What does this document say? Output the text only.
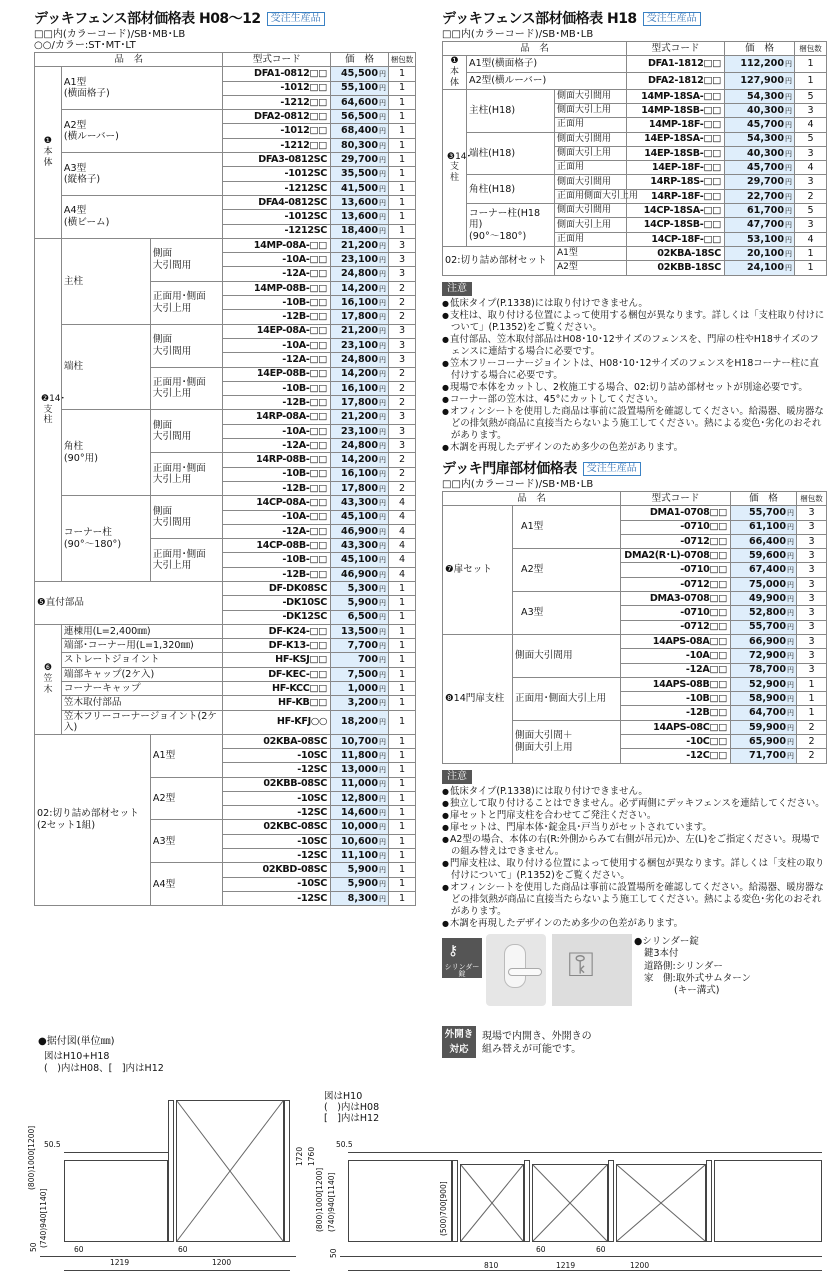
デッキフェンス部材価格表 H08～12	受注生産品
□□内(カラーコード)/SB･MB･LB
○○/カラー:ST･MT･LT
品　名			型式コード	価　格	梱包数

❶本体	A1型
(横面格子)		DFA1-0812□□	45,500円	1
			-1012□□	55,100円	1
			-1212□□	64,600円	1
	A2型
(横ルーバー)		DFA2-0812□□	56,500円	1
			-1012□□	68,400円	1
			-1212□□	80,300円	1
	A3型
(縦格子)		DFA3-0812SC	29,700円	1
			-1012SC	35,500円	1
			-1212SC	41,500円	1
	A4型
(横ビーム)		DFA4-0812SC	13,600円	1
			-1012SC	13,600円	1
			-1212SC	18,400円	1
❷14･支柱	主柱	側面
大引間用	14MP-08A-□□	21,200円	3
			-10A-□□	23,100円	3
			-12A-□□	24,800円	3
		正面用･側面
大引上用	14MP-08B-□□	14,200円	2
			-10B-□□	16,100円	2
			-12B-□□	17,800円	2
	端柱	側面
大引間用	14EP-08A-□□	21,200円	3
			-10A-□□	23,100円	3
			-12A-□□	24,800円	3
		正面用･側面
大引上用	14EP-08B-□□	14,200円	2
			-10B-□□	16,100円	2
			-12B-□□	17,800円	2
	角柱
(90°用)	側面
大引間用	14RP-08A-□□	21,200円	3
			-10A-□□	23,100円	3
			-12A-□□	24,800円	3
		正面用･側面
大引上用	14RP-08B-□□	14,200円	2
			-10B-□□	16,100円	2
			-12B-□□	17,800円	2
	コーナー柱
(90°～180°)	側面
大引間用	14CP-08A-□□	43,300円	4
			-10A-□□	45,100円	4
			-12A-□□	46,900円	4
		正面用･側面
大引上用	14CP-08B-□□	43,300円	4
			-10B-□□	45,100円	4
			-12B-□□	46,900円	4
❺直付部品			DF-DK08SC	5,300円	1
			-DK10SC	5,900円	1
			-DK12SC	6,500円	1
❻笠木	連棟用(L=2,400㎜)		DF-K24-□□	13,500円	1
	端部･コーナー用(L=1,320㎜)		DF-K13-□□	7,700円	1
	ストレートジョイント		HF-KSJ□□	700円	1
	端部キャップ(2ケ入)		DF-KEC-□□	7,500円	1
	コーナーキャップ		HF-KCC□□	1,000円	1
	笠木取付部品		HF-KB□□	3,200円	1
	笠木フリーコーナージョイント(2ケ入)		HF-KFJ○○	18,200円	1
02:切り詰め部材セット
(2セット1組)		A1型	02KBA-08SC	10,700円	1
			-10SC	11,800円	1
			-12SC	13,000円	1
		A2型	02KBB-08SC	11,000円	1
			-10SC	12,800円	1
			-12SC	14,600円	1
		A3型	02KBC-08SC	10,000円	1
			-10SC	10,600円	1
			-12SC	11,100円	1
		A4型	02KBD-08SC	5,900円	1
			-10SC	5,900円	1
			-12SC	8,300円	1
デッキフェンス部材価格表 H18	受注生産品
□□内(カラーコード)/SB･MB･LB
品　名			型式コード	価　格	梱包数
❶本体	A1型(横面格子)		DFA1-1812□□	112,200円	1
	A2型(横ルーバー)		DFA2-1812□□	127,900円	1
❸14･支柱	主柱(H18)	側面大引間用	14MP-18SA-□□	54,300円	5
		側面大引上用	14MP-18SB-□□	40,300円	3
		正面用	14MP-18F-□□	45,700円	4
	端柱(H18)	側面大引間用	14EP-18SA-□□	54,300円	5
		側面大引上用	14EP-18SB-□□	40,300円	3
		正面用	14EP-18F-□□	45,700円	4
	角柱(H18)	側面大引間用	14RP-18S-□□	29,700円	3
		正面用側面大引上用	14RP-18F-□□	22,700円	2
	コーナー柱(H18用)
(90°～180°)	側面大引間用	14CP-18SA-□□	61,700円	5
		側面大引上用	14CP-18SB-□□	47,700円	3
		正面用	14CP-18F-□□	53,100円	4
02:切り詰め部材セット		A1型	02KBA-18SC	20,100円	1
		A2型	02KBB-18SC	24,100円	1
注意
● 低床タイプ(P.1338)には取り付けできません。
● 支柱は、取り付ける位置によって使用する梱包が異なります。詳しくは「支柱取り付けについて」(P.1352)をご覧ください。
● 直付部品、笠木取付部品はH08･10･12サイズのフェンスを、門扉の柱やH18サイズのフェンスに連結する場合に必要です。
● 笠木フリーコーナージョイントは、H08･10･12サイズのフェンスをH18コーナー柱に直付けする場合に必要です。
● 現場で本体をカットし、2枚施工する場合、02:切り詰め部材セットが別途必要です。
● コーナー部の笠木は、45°にカットしてください。
● オフィンシートを使用した商品は事前に設置場所を確認してください。給湯器、暖房器などの排気熱が商品に直接当たらないよう施工してください。熱による変色･劣化のおそれがあります。
● 木調を再現したデザインのため多少の色差があります。
デッキ門扉部材価格表	受注生産品
□□内(カラーコード)/SB･MB･LB
品　名		型式コード	価　格	梱包数
❼扉セット	A1型	DMA1-0708□□	55,700円	3
		-0710□□	61,100円	3
		-0712□□	66,400円	3
	A2型	DMA2(R･L)-0708□□	59,600円	3
		-0710□□	67,400円	3
		-0712□□	75,000円	3
	A3型	DMA3-0708□□	49,900円	3
		-0710□□	52,800円	3
		-0712□□	55,700円	3
❽14門扉支柱	側面大引間用	14APS-08A□□	66,900円	3
		-10A□□	72,900円	3
		-12A□□	78,700円	3
	正面用･側面大引上用	14APS-08B□□	52,900円	1
		-10B□□	58,900円	1
		-12B□□	64,700円	1
	側面大引間＋
側面大引上用	14APS-08C□□	59,900円	2
		-10C□□	65,900円	2
		-12C□□	71,700円	2
注意
● 低床タイプ(P.1338)には取り付けできません。
● 独立して取り付けることはできません。必ず両側にデッキフェンスを連結してください。
● 扉セットと門扉支柱を合わせてご発注ください。
● 扉セットは、門扉本体･錠金具･戸当りがセットされています。
● A2型の場合、本体の右(R:外側からみて右側が吊元)か、左(L)をご指定ください。現場での組み替えはできません。
● 門扉支柱は、取り付ける位置によって使用する梱包が異なります。詳しくは「支柱の取り付けについて」(P.1352)をご覧ください。
● オフィンシートを使用した商品は事前に設置場所を確認してください。給湯器、暖房器などの排気熱が商品に直接当たらないよう施工してください。熱による変色･劣化のおそれがあります。
● 木調を再現したデザインのため多少の色差があります。
⚷
シリンダー錠	⚿
●シリンダー錠
鍵3本付
道路側:シリンダー
家　側:取外式サムターン
(キー溝式)
外開き
対応
現場で内開き、外開きの
組み替えが可能です。
●据付図(単位㎜)
図はH10+H18
(　)内はH08、[　]内はH12
図はH10
(　)内はH08
[　]内はH12
50.5
(800)1000[1200]
(740)940[1140]
1720 1760
60
1219
60
1200
50
50.5
(800)1000[1200] (740)940[1140]	(500)700[900]
810
60
1219
60
1200
50
